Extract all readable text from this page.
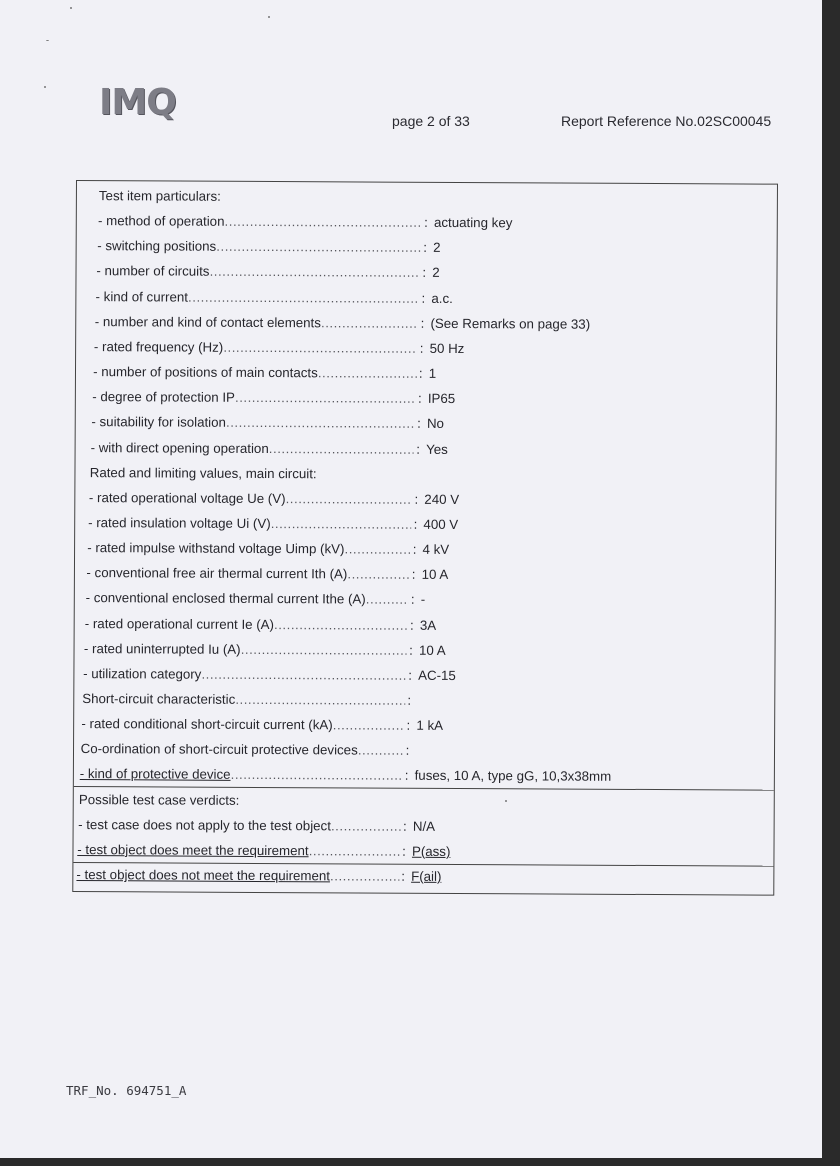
IMQ	page 2 of 33	Report Reference No.02SC00045
Test item particulars:
- method of operation .....	: actuating key
- switching positions .....	: 2
- number of circuits .....	: 2
- kind of current .....	: a.c.
- number and kind of contact elements .....	: (See Remarks on page 33)
- rated frequency (Hz) .....	: 50 Hz
- number of positions of main contacts .....	: 1
- degree of protection IP .....	: IP65
- suitability for isolation .....	: No
- with direct opening operation .....	: Yes
Rated and limiting values, main circuit:
- rated operational voltage Ue (V) .....	: 240 V
- rated insulation voltage Ui (V) .....	: 400 V
- rated impulse withstand voltage Uimp (kV) .....	: 4 kV
- conventional free air thermal current Ith (A) .....	: 10 A
- conventional enclosed thermal current Ithe (A) .....	: -
- rated operational current Ie (A) .....	: 3A
- rated uninterrupted Iu (A) .....	: 10 A
- utilization category .....	: AC-15
Short-circuit characteristic .....	:
- rated conditional short-circuit current (kA) .....	: 1 kA
Co-ordination of short-circuit protective devices .....	:
- kind of protective device .....	: fuses, 10 A, type gG, 10,3x38mm
Possible test case verdicts:
- test case does not apply to the test object .....	: N/A
- test object does meet the requirement .....	: P(ass)
- test object does not meet the requirement .....	: F(ail)
TRF_No. 694751_A
